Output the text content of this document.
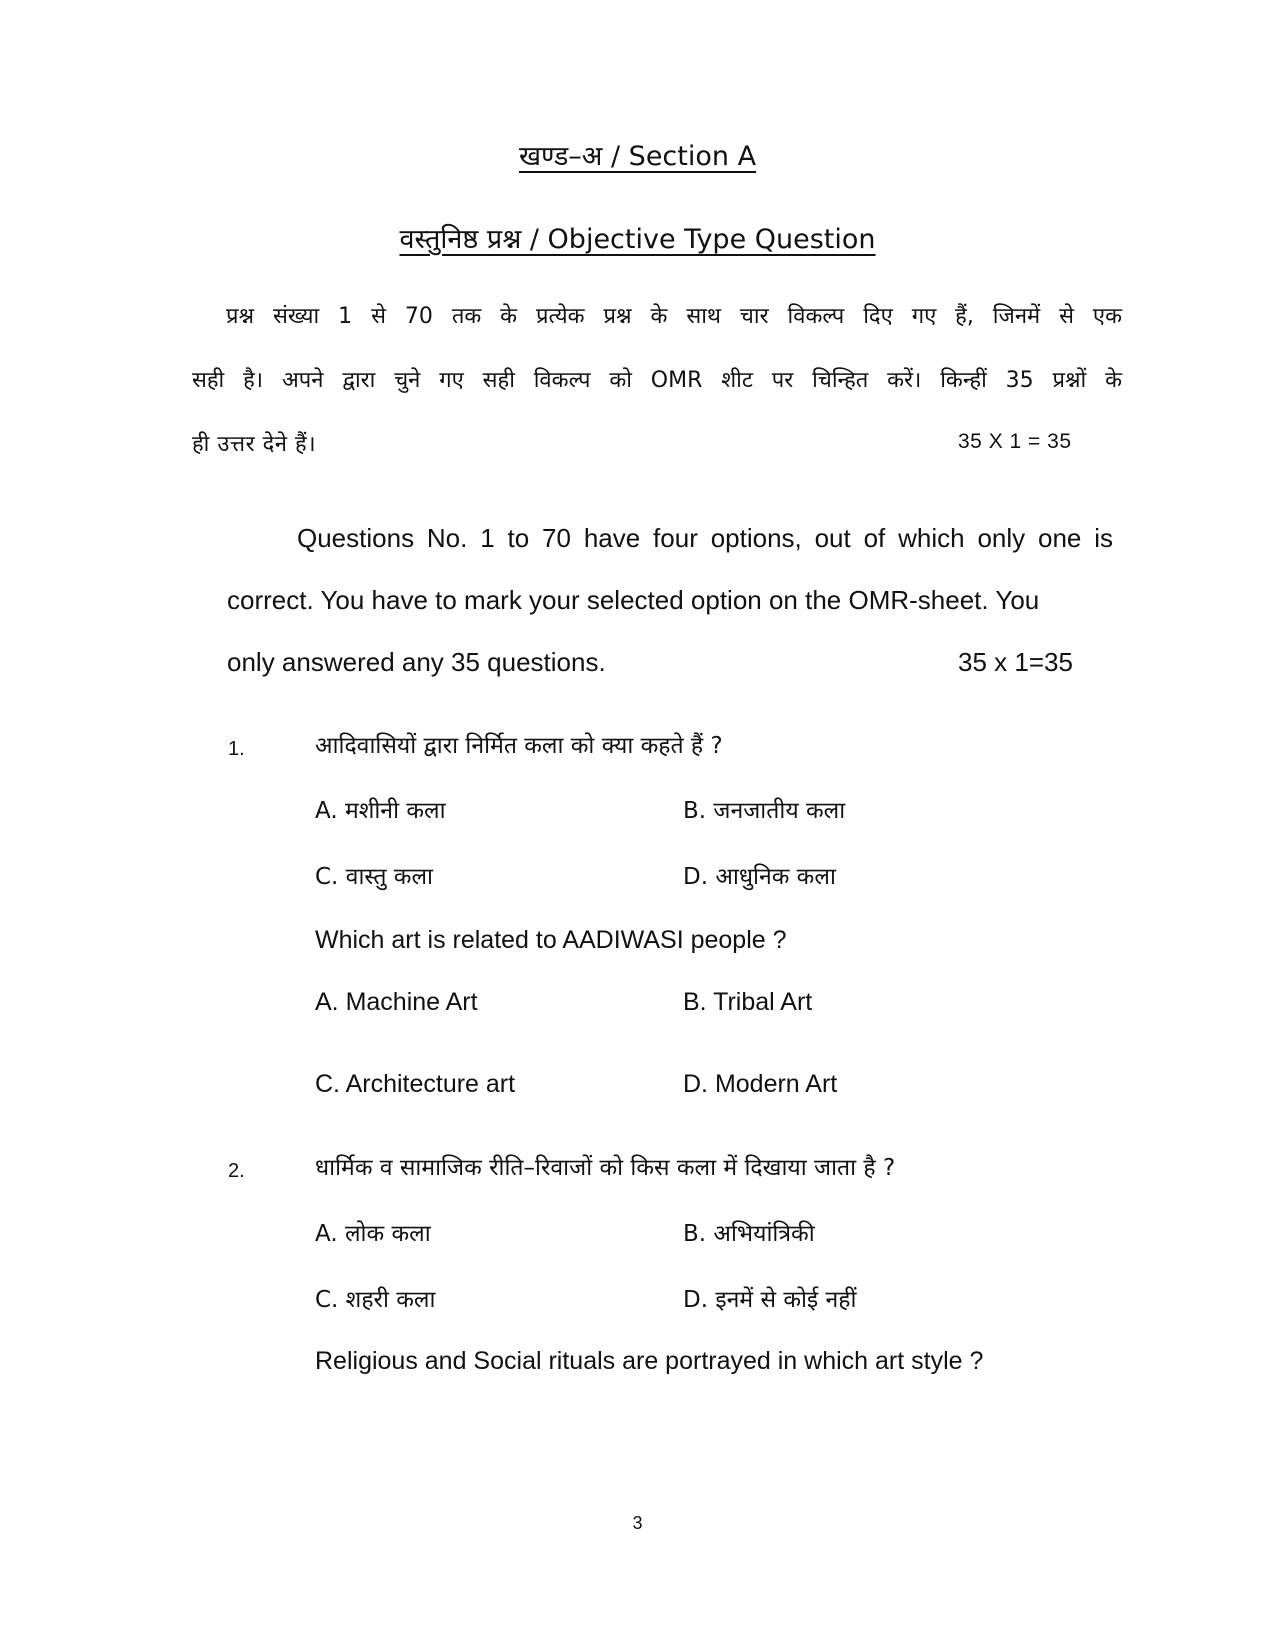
खण्ड–अ / Section A
वस्तुनिष्ठ प्रश्न / Objective Type Question
प्रश्न संख्या 1 से 70 तक के प्रत्येक प्रश्न के साथ चार विकल्प दिए गए हैं, जिनमें से एक
सही है। अपने द्वारा चुने गए सही विकल्प को OMR शीट पर चिन्हित करें। किन्हीं 35 प्रश्नों के
ही उत्तर देने हैं।	35 X 1 = 35
Questions No. 1 to 70 have four options, out of which only one is
correct. You have to mark your selected option on the OMR-sheet. You
only answered any 35 questions.	35 x 1=35
1.	आदिवासियों द्वारा निर्मित कला को क्या कहते हैं ?
A. मशीनी कला	B. जनजातीय कला
C. वास्तु कला	D. आधुनिक कला
Which art is related to AADIWASI people ?
A. Machine Art	B. Tribal Art
C. Architecture art	D. Modern Art
2.	धार्मिक व सामाजिक रीति–रिवाजों को किस कला में दिखाया जाता है ?
A. लोक कला	B. अभियांत्रिकी
C. शहरी कला	D. इनमें से कोई नहीं
Religious and Social rituals are portrayed in which art style ?
3
